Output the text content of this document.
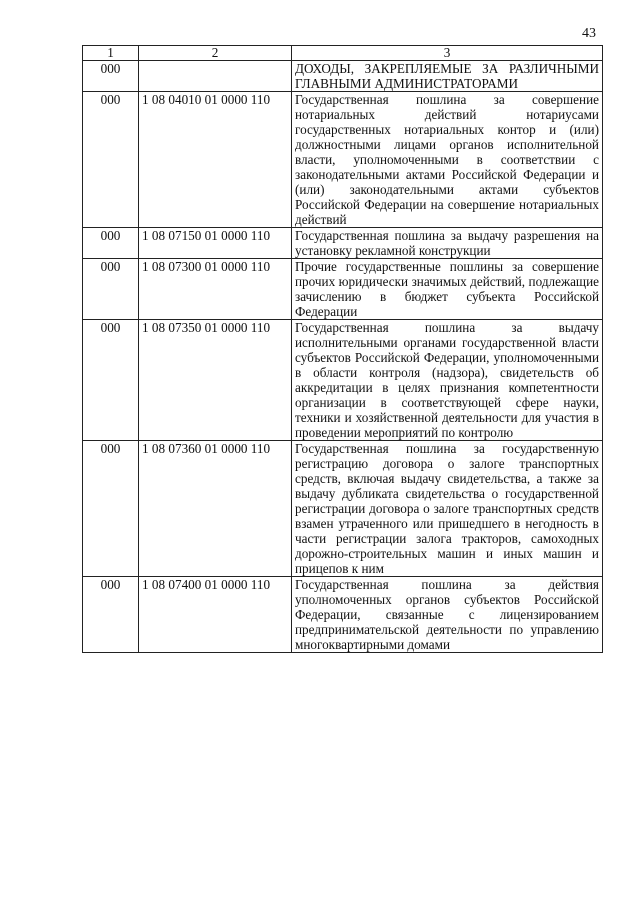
43
1	2	3
000		ДОХОДЫ, ЗАКРЕПЛЯЕМЫЕ ЗА РАЗЛИЧНЫМИ ГЛАВНЫМИ АДМИНИСТРАТОРАМИ
000	1 08 04010 01 0000 110	Государственная пошлина за совершение нотариальных действий нотариусами государственных нотариальных контор и (или) должностными лицами органов исполнительной власти, уполномоченными в соответствии с законодательными актами Российской Федерации и (или) законодательными актами субъектов Российской Федерации на совершение нотариальных действий
000	1 08 07150 01 0000 110	Государственная пошлина за выдачу разрешения на установку рекламной конструкции
000	1 08 07300 01 0000 110	Прочие государственные пошлины за совершение прочих юридически значимых действий, подлежащие зачислению в бюджет субъекта Российской Федерации
000	1 08 07350 01 0000 110	Государственная пошлина за выдачу исполнительными органами государственной власти субъектов Российской Федерации, уполномоченными в области контроля (надзора), свидетельств об аккредитации в целях признания компетентности организации в соответствующей сфере науки, техники и хозяйственной деятельности для участия в проведении мероприятий по контролю
000	1 08 07360 01 0000 110	Государственная пошлина за государственную регистрацию договора о залоге транспортных средств, включая выдачу свидетельства, а также за выдачу дубликата свидетельства о государственной регистрации договора о залоге транспортных средств взамен утраченного или пришедшего в негодность в части регистрации залога тракторов, самоходных дорожно-строительных машин и иных машин и прицепов к ним
000	1 08 07400 01 0000 110	Государственная пошлина за действия уполномоченных органов субъектов Российской Федерации, связанные с лицензированием предпринимательской деятельности по управлению многоквартирными домами
